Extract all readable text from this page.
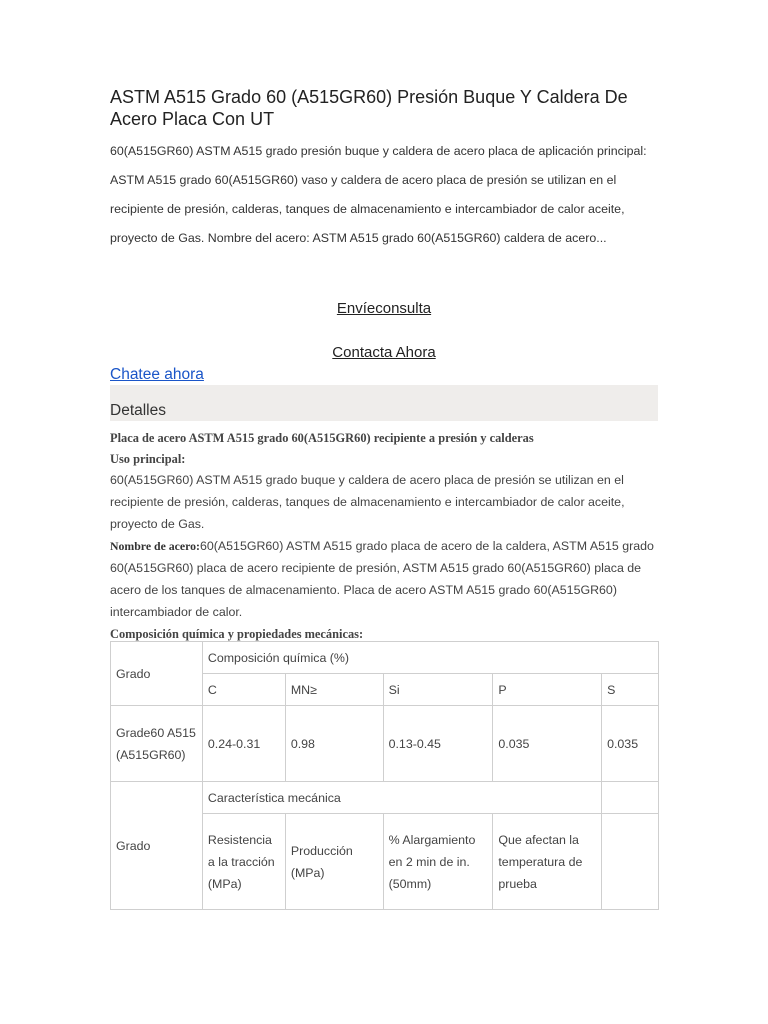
ASTM A515 Grado 60 (A515GR60) Presión Buque Y Caldera De Acero Placa Con UT

60(A515GR60) ASTM A515 grado presión buque y caldera de acero placa de aplicación principal: ASTM A515 grado 60(A515GR60) vaso y caldera de acero placa de presión se utilizan en el recipiente de presión, calderas, tanques de almacenamiento e intercambiador de calor aceite, proyecto de Gas. Nombre del acero: ASTM A515 grado 60(A515GR60) caldera de acero...

Envíeconsulta
Contacta Ahora
Chatee ahora
Detalles
Placa de acero ASTM A515 grado 60(A515GR60) recipiente a presión y calderas
Uso principal:

60(A515GR60) ASTM A515 grado buque y caldera de acero placa de presión se utilizan en el recipiente de presión, calderas, tanques de almacenamiento e intercambiador de calor aceite, proyecto de Gas.

Nombre de acero:60(A515GR60) ASTM A515 grado placa de acero de la caldera, ASTM A515 grado 60(A515GR60) placa de acero recipiente de presión, ASTM A515 grado 60(A515GR60) placa de acero de los tanques de almacenamiento. Placa de acero ASTM A515 grado 60(A515GR60) intercambiador de calor.

Composición química y propiedades mecánicas:
Grado	Composición química (%)				
	C	MN≥	Si	P	S
Grade60 A515 (A515GR60)	0.24-0.31	0.98	0.13-0.45	0.035	0.035
Grado	Característica mecánica				
	Resistencia a la tracción (MPa)	Producción (MPa)	% Alargamiento en 2 min de in. (50mm)	Que afectan la temperatura de prueba	
